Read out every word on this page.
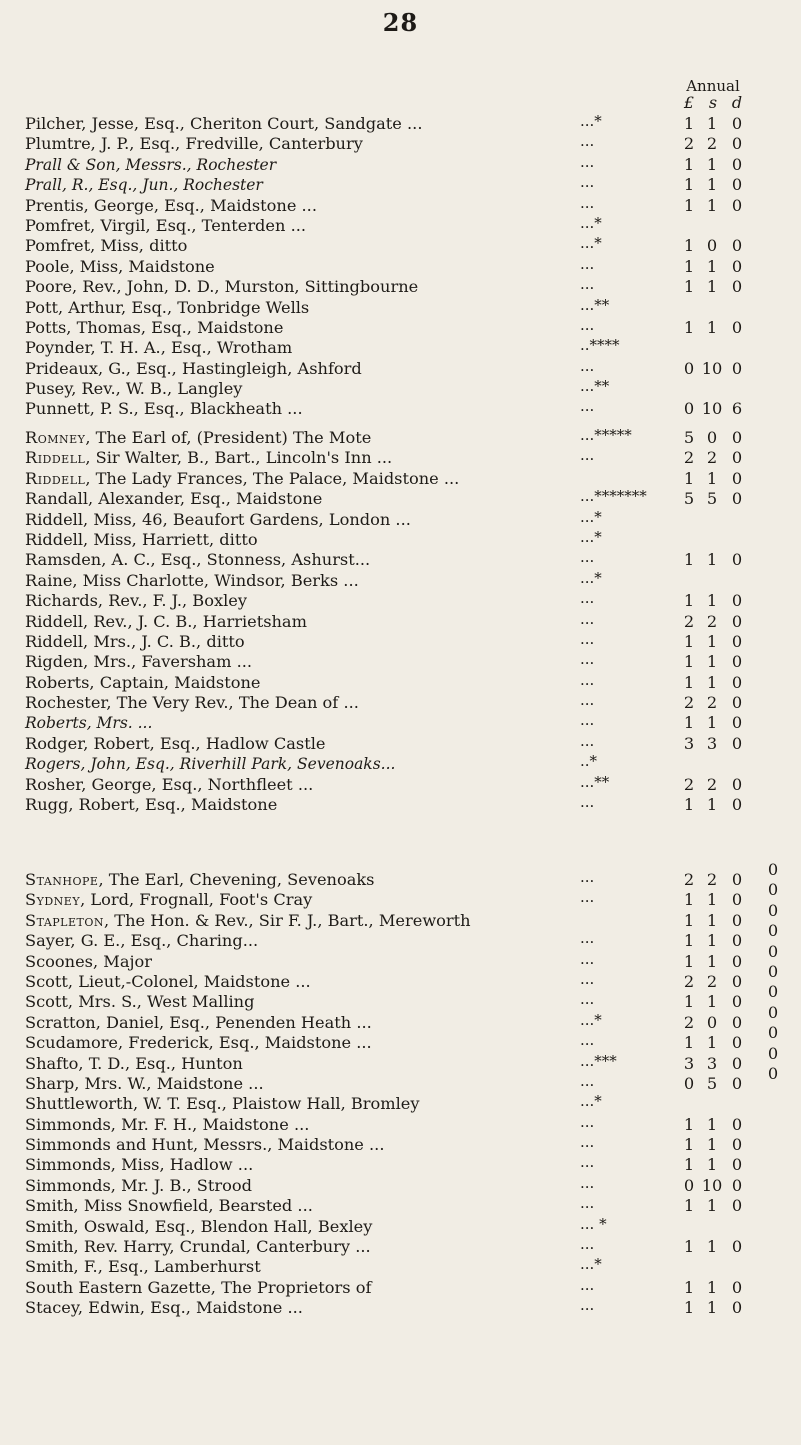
28
Annual
£ s d
Pilcher, Jesse, Esq., Cheriton Court, Sandgate ...	...*	1 1 0
Plumtre, J. P., Esq., Fredville, Canterbury	...	2 2 0
Prall & Son, Messrs., Rochester	...	1 1 0
Prall, R., Esq., Jun., Rochester	...	1 1 0
Prentis, George, Esq., Maidstone ...	...	1 1 0
Pomfret, Virgil, Esq., Tenterden ...	...*
Pomfret, Miss, ditto	...*	1 0 0
Poole, Miss, Maidstone	...	1 1 0
Poore, Rev., John, D. D., Murston, Sittingbourne	...	1 1 0
Pott, Arthur, Esq., Tonbridge Wells	...**
Potts, Thomas, Esq., Maidstone	...	1 1 0
Poynder, T. H. A., Esq., Wrotham	..****
Prideaux, G., Esq., Hastingleigh, Ashford	...	0 10 0
Pusey, Rev., W. B., Langley	...**
Punnett, P. S., Esq., Blackheath ...	...	0 10 6
Romney, The Earl of, (President) The Mote	...*****	5 0 0
Riddell, Sir Walter, B., Bart., Lincoln's Inn ...	...	2 2 0
Riddell, The Lady Frances, The Palace, Maidstone ...	1 1 0
Randall, Alexander, Esq., Maidstone	...******* 5 5 0
Riddell, Miss, 46, Beaufort Gardens, London ...	...*
Riddell, Miss, Harriett, ditto	...*
Ramsden, A. C., Esq., Stonness, Ashurst...	...	1 1 0
Raine, Miss Charlotte, Windsor, Berks ...	...*
Richards, Rev., F. J., Boxley	...	1 1 0
Riddell, Rev., J. C. B., Harrietsham	...	2 2 0
Riddell, Mrs., J. C. B., ditto	...	1 1 0
Rigden, Mrs., Faversham ...	...	1 1 0
Roberts, Captain, Maidstone	...	1 1 0
Rochester, The Very Rev., The Dean of ...	...	2 2 0
Roberts, Mrs. ...	...	1 1 0
Rodger, Robert, Esq., Hadlow Castle	...	3 3 0
Rogers, John, Esq., Riverhill Park, Sevenoaks...	..*
Rosher, George, Esq., Northfleet ...	...**	2 2 0
Rugg, Robert, Esq., Maidstone	...	1 1 0
Stanhope, The Earl, Chevening, Sevenoaks	...	2 2 0
Sydney, Lord, Frognall, Foot's Cray	...	1 1 0
Stapleton, The Hon. & Rev., Sir F. J., Bart., Mereworth	1 1 0
Sayer, G. E., Esq., Charing...	...	1 1 0
Scoones, Major	...	1 1 0
Scott, Lieut,-Colonel, Maidstone ...	...	2 2 0
Scott, Mrs. S., West Malling	...	1 1 0
Scratton, Daniel, Esq., Penenden Heath ...	...*	2 0 0
Scudamore, Frederick, Esq., Maidstone ...	...	1 1 0
Shafto, T. D., Esq., Hunton	...***	3 3 0
Sharp, Mrs. W., Maidstone ...	...	0 5 0
Shuttleworth, W. T. Esq., Plaistow Hall, Bromley	...*
Simmonds, Mr. F. H., Maidstone ...	...	1 1 0
Simmonds and Hunt, Messrs., Maidstone ...	...	1 1 0
Simmonds, Miss, Hadlow ...	...	1 1 0
Simmonds, Mr. J. B., Strood	...	0 10 0
Smith, Miss Snowfield, Bearsted ...	...	1 1 0
Smith, Oswald, Esq., Blendon Hall, Bexley	... *
Smith, Rev. Harry, Crundal, Canterbury ...	...	1 1 0
Smith, F., Esq., Lamberhurst	...*
South Eastern Gazette, The Proprietors of	...	1 1 0
Stacey, Edwin, Esq., Maidstone ...	...	1 1 0
0
0
0
0
0
0
0
0
0
0
0
